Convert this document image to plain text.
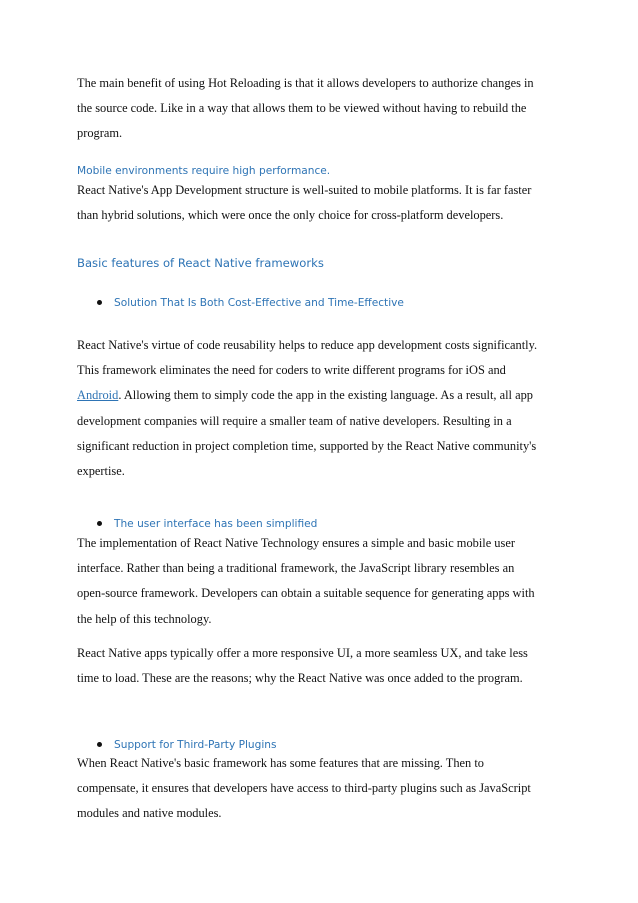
The main benefit of using Hot Reloading is that it allows developers to authorize changes in
the source code. Like in a way that allows them to be viewed without having to rebuild the
program.

Mobile environments require high performance.

React Native's App Development structure is well-suited to mobile platforms. It is far faster
than hybrid solutions, which were once the only choice for cross-platform developers.

Basic features of React Native frameworks
Solution That Is Both Cost-Effective and Time-Effective

React Native's virtue of code reusability helps to reduce app development costs significantly.
This framework eliminates the need for coders to write different programs for iOS and
Android. Allowing them to simply code the app in the existing language. As a result, all app
development companies will require a smaller team of native developers. Resulting in a
significant reduction in project completion time, supported by the React Native community's
expertise.

The user interface has been simplified

The implementation of React Native Technology ensures a simple and basic mobile user
interface. Rather than being a traditional framework, the JavaScript library resembles an
open-source framework. Developers can obtain a suitable sequence for generating apps with
the help of this technology.

React Native apps typically offer a more responsive UI, a more seamless UX, and take less
time to load. These are the reasons; why the React Native was once added to the program.

Support for Third-Party Plugins

When React Native's basic framework has some features that are missing. Then to
compensate, it ensures that developers have access to third-party plugins such as JavaScript
modules and native modules.
